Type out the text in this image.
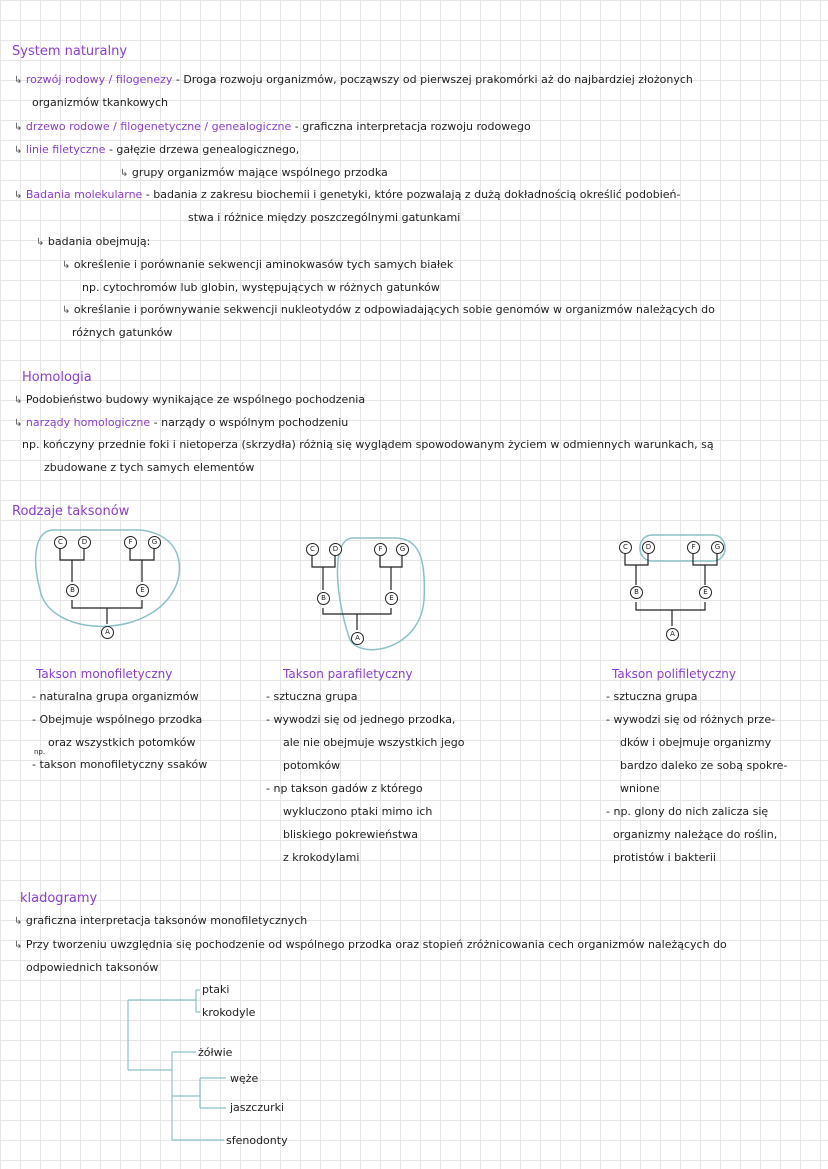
System naturalny
↳ rozwój rodowy / filogenezy - Droga rozwoju organizmów, począwszy od pierwszej prakomórki aż do najbardziej złożonych
organizmów tkankowych
↳ drzewo rodowe / filogenetyczne / genealogiczne - graficzna interpretacja rozwoju rodowego
↳ linie filetyczne - gałęzie drzewa genealogicznego,
↳ grupy organizmów mające wspólnego przodka
↳ Badania molekularne - badania z zakresu biochemii i genetyki, które pozwalają z dużą dokładnością określić podobień-
stwa i różnice między poszczególnymi gatunkami
↳ badania obejmują:
↳ określenie i porównanie sekwencji aminokwasów tych samych białek
np. cytochromów lub globin, występujących w różnych gatunków
↳ określanie i porównywanie sekwencji nukleotydów z odpowiadających sobie genomów w organizmów należących do
różnych gatunków
Homologia
↳ Podobieństwo budowy wynikające ze wspólnego pochodzenia
↳ narządy homologiczne - narządy o wspólnym pochodzeniu
np. kończyny przednie foki i nietoperza (skrzydła) różnią się wyglądem spowodowanym życiem w odmiennych warunkach, są
zbudowane z tych samych elementów
Rodzaje taksonów
C	D	F	G
B	E
A
C	D	F	G
B	E
A
C	D	F	G
B	E
A
Takson monofiletyczny
- naturalna grupa organizmów
- Obejmuje wspólnego przodka
oraz wszystkich potomków
np.
- takson monofiletyczny ssaków
Takson parafiletyczny
- sztuczna grupa
- wywodzi się od jednego przodka,
ale nie obejmuje wszystkich jego
potomków
- np takson gadów z którego
wykluczono ptaki mimo ich
bliskiego pokrewieństwa
z krokodylami
Takson polifiletyczny
- sztuczna grupa
- wywodzi się od różnych prze-
dków i obejmuje organizmy
bardzo daleko ze sobą spokre-
wnione
- np. glony do nich zalicza się
organizmy należące do roślin,
protistów i bakterii
kladogramy
↳ graficzna interpretacja taksonów monofiletycznych
↳ Przy tworzeniu uwzględnia się pochodzenie od wspólnego przodka oraz stopień zróżnicowania cech organizmów należących do
odpowiednich taksonów
ptaki
krokodyle
żółwie
węże
jaszczurki
sfenodonty
